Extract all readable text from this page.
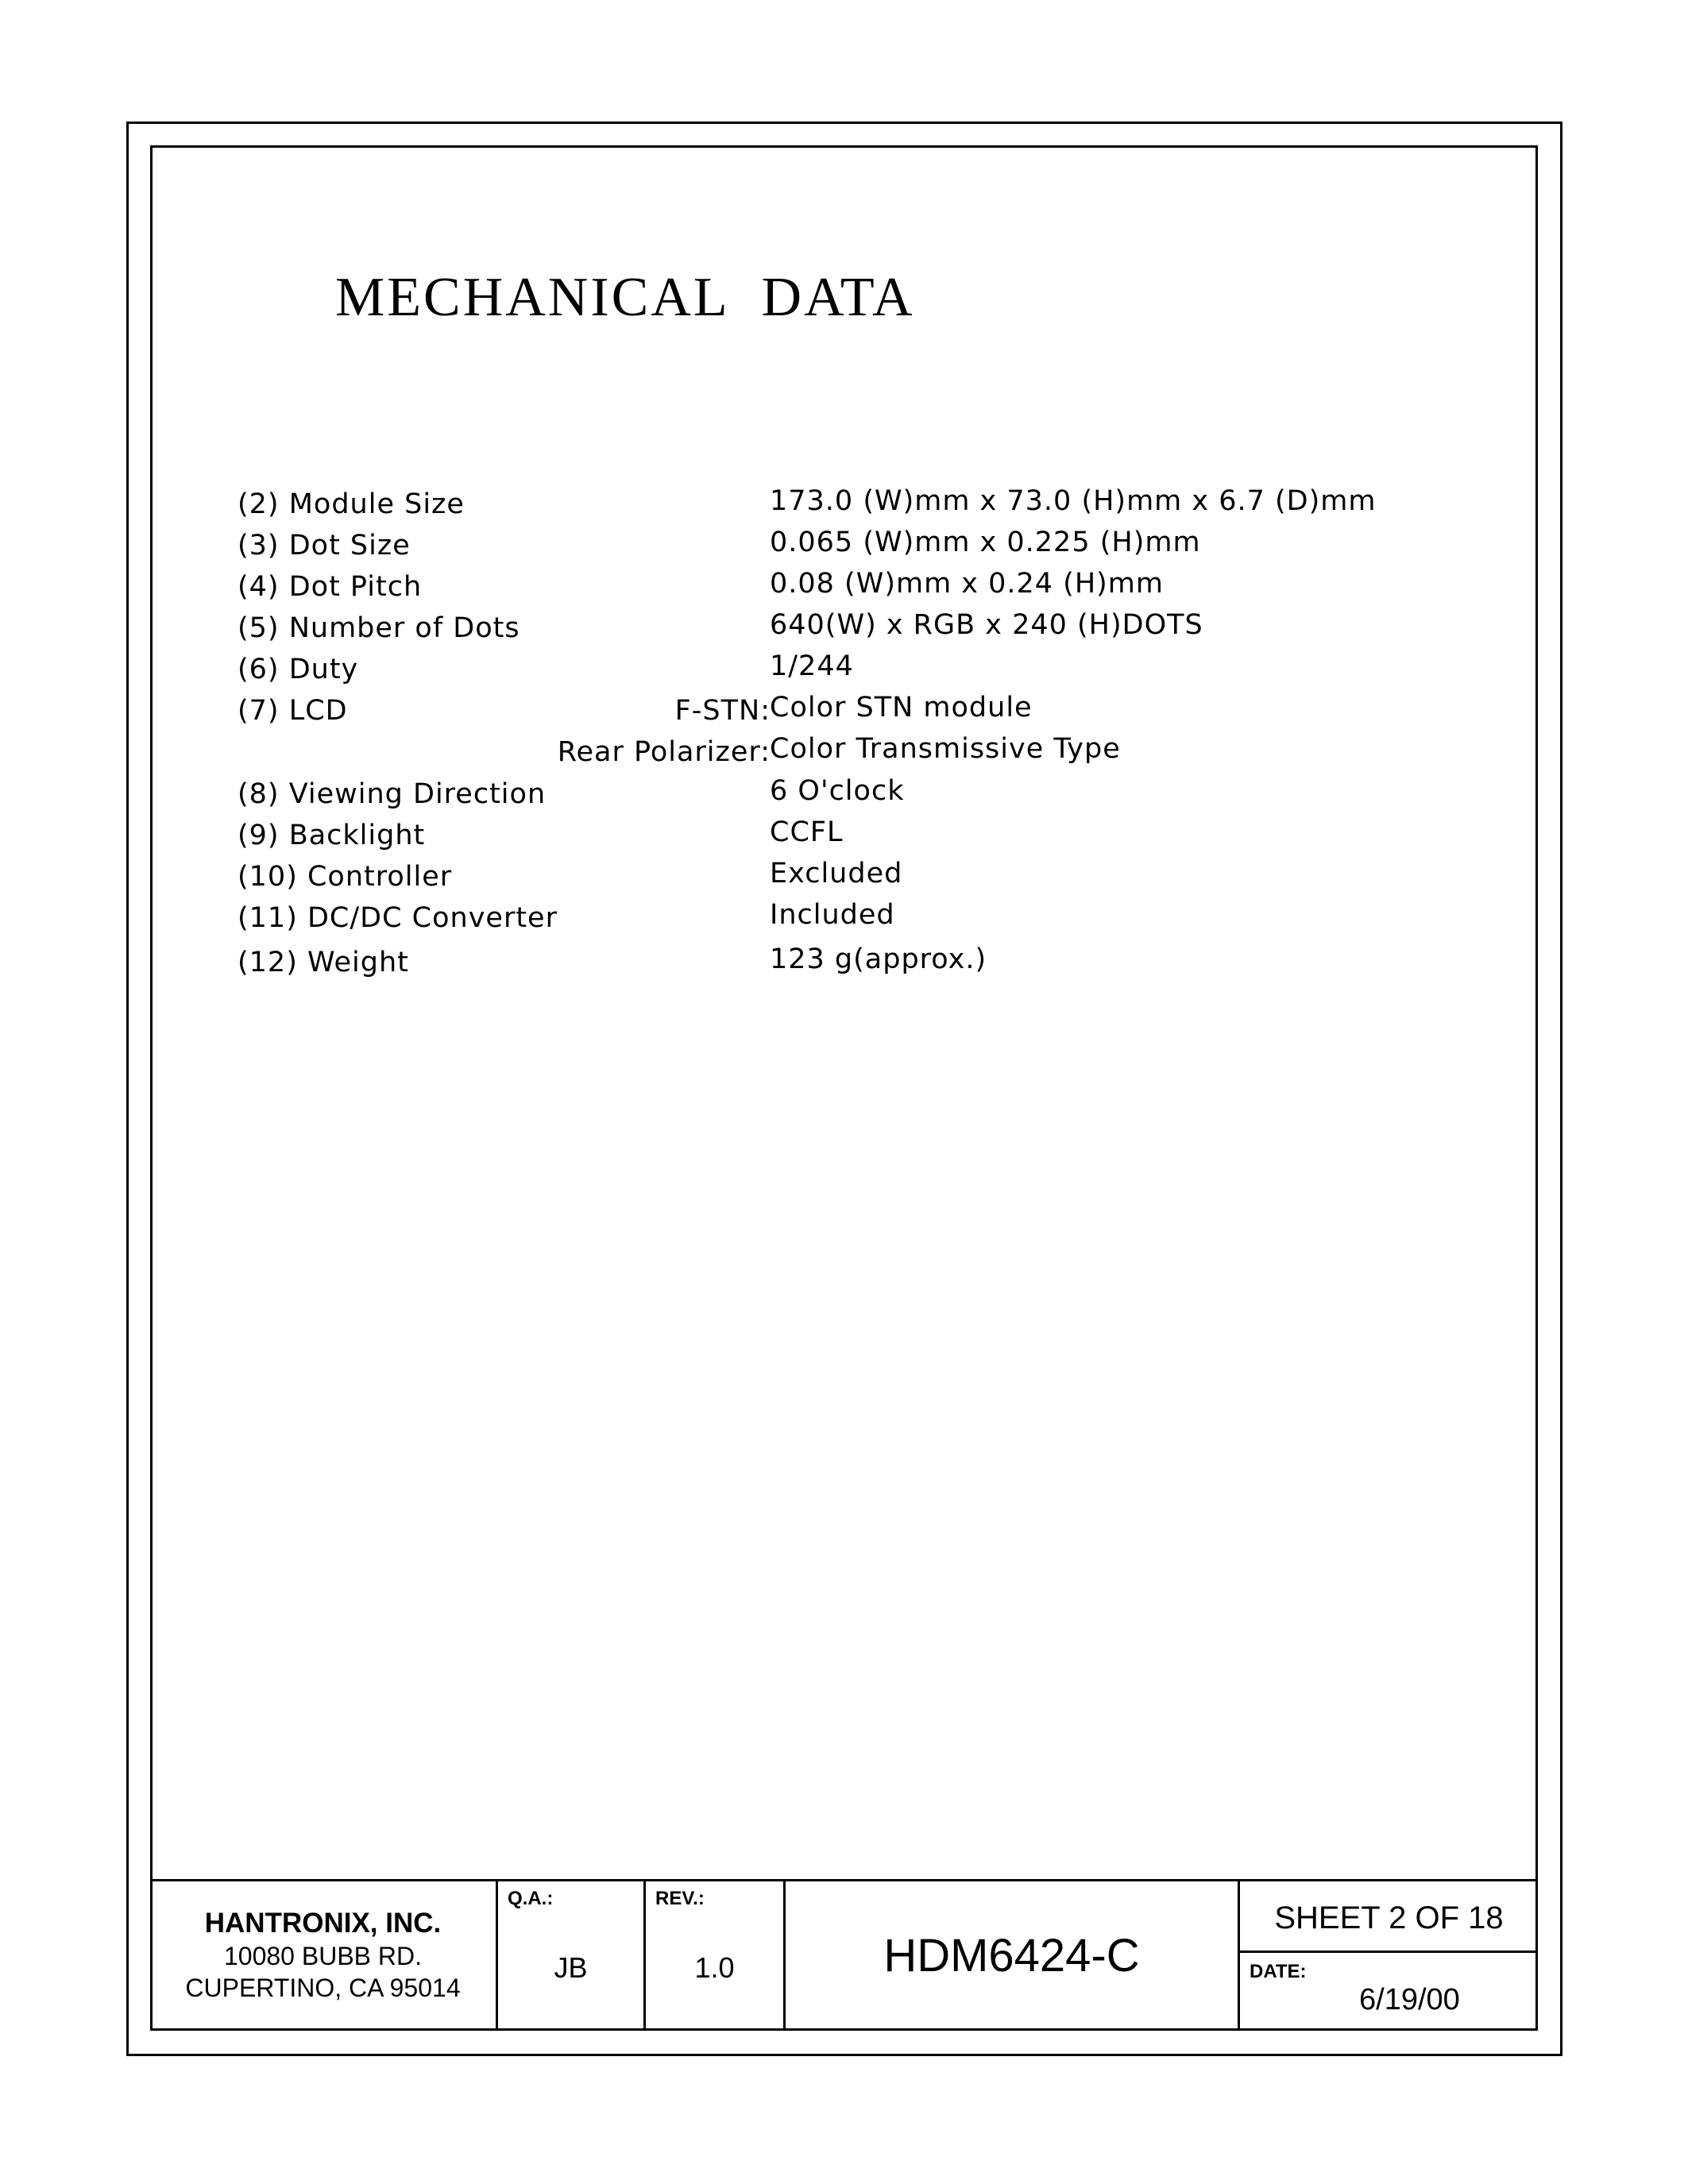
MECHANICAL DATA
(2) Module Size
(3) Dot Size
(4) Dot Pitch
(5) Number of Dots
(6) Duty
(7) LCD
(8) Viewing Direction
(9) Backlight
(10) Controller
(11) DC/DC Converter
(12) Weight
F-STN:
Rear Polarizer:
173.0 (W)mm x 73.0 (H)mm x 6.7 (D)mm
0.065 (W)mm x 0.225 (H)mm
0.08 (W)mm x 0.24 (H)mm
640(W) x RGB x 240 (H)DOTS
1/244
Color STN module
Color Transmissive Type
6 O'clock
CCFL
Excluded
Included
123 g(approx.)
HANTRONIX, INC.
10080 BUBB RD.
CUPERTINO, CA 95014
Q.A.:
JB
REV.:
1.0	HDM6424-C
SHEET 2 OF 18
DATE:
6/19/00
